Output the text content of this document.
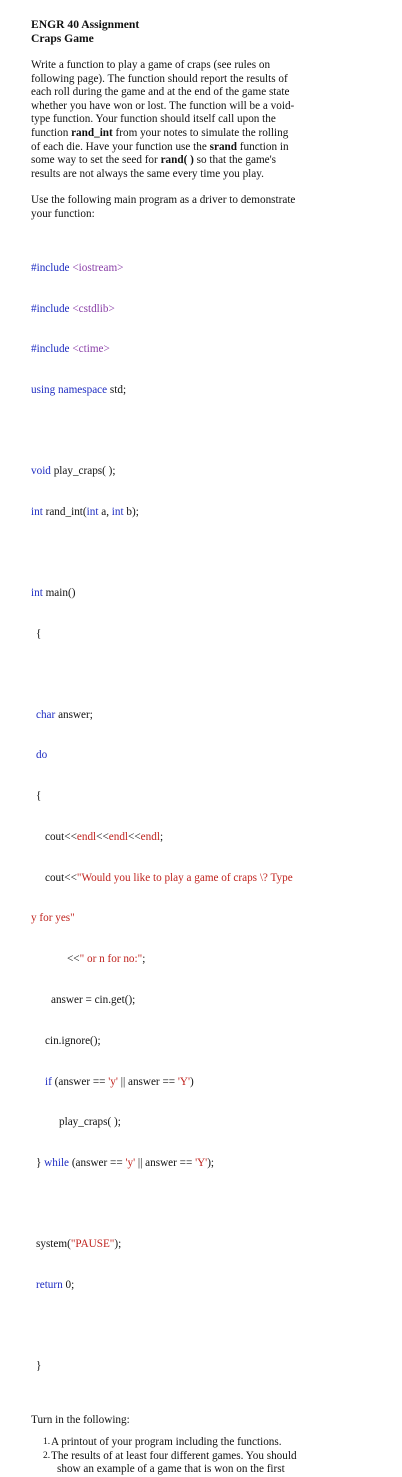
ENGR 40 Assignment
Craps Game
Write a function to play a game of craps (see rules on
following page). The function should report the results of
each roll during the game and at the end of the game state
whether you have won or lost. The function will be a void-
type function. Your function should itself call upon the
function rand_int from your notes to simulate the rolling
of each die. Have your function use the srand function in
some way to set the seed for rand( ) so that the game's
results are not always the same every time you play.
Use the following main program as a driver to demonstrate
your function:

#include <iostream>

#include <cstdlib>

#include <ctime>

using namespace std;

void play_craps( );

int rand_int(int a, int b);

int main()

{

char answer;

do

{

cout<<endl<<endl<<endl;

cout<<"Would you like to play a game of craps \? Type

y for yes"

<<" or n for no:";

answer = cin.get();

cin.ignore();

if (answer == 'y' || answer == 'Y')

play_craps( );

} while (answer == 'y' || answer == 'Y');

system("PAUSE");

return 0;

}

Turn in the following:
1. A printout of your program including the functions.
2. The results of at least four different games. You should
show an example of a game that is won on the first
